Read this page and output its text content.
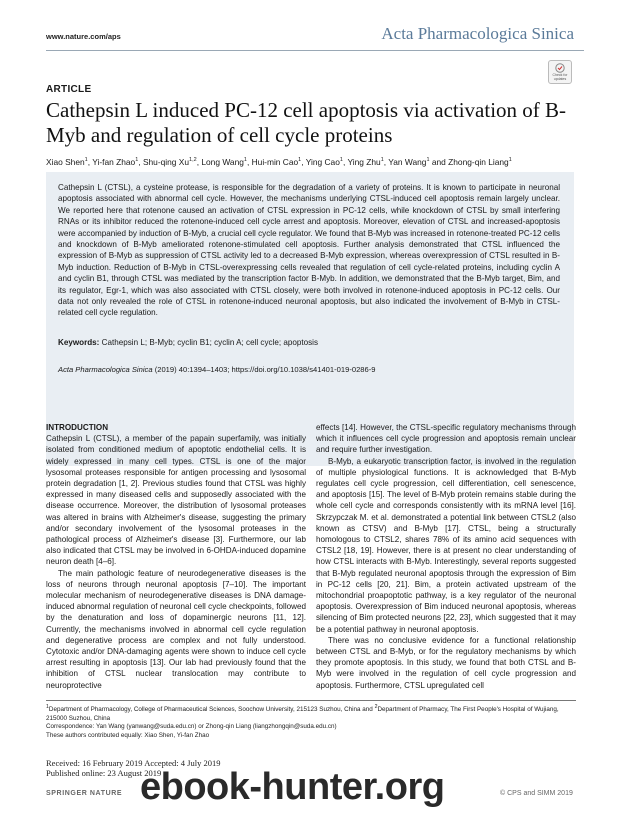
www.nature.com/aps	Acta Pharmacologica Sinica
Check for updates
ARTICLE
Cathepsin L induced PC-12 cell apoptosis via activation of B-Myb and regulation of cell cycle proteins
Xiao Shen$^1$, Yi-fan Zhao$^1$, Shu-qing Xu$^{1,2}$, Long Wang$^1$, Hui-min Cao$^1$, Ying Cao$^1$, Ying Zhu$^1$, Yan Wang$^1$ and Zhong-qin Liang$^1$
Cathepsin L (CTSL), a cysteine protease, is responsible for the degradation of a variety of proteins. It is known to participate in neuronal apoptosis associated with abnormal cell cycle. However, the mechanisms underlying CTSL-induced cell apoptosis remain largely unclear. We reported here that rotenone caused an activation of CTSL expression in PC-12 cells, while knockdown of CTSL by small interfering RNAs or its inhibitor reduced the rotenone-induced cell cycle arrest and apoptosis. Moreover, elevation of CTSL and increased-apoptosis were accompanied by induction of B-Myb, a crucial cell cycle regulator. We found that B-Myb was increased in rotenone-treated PC-12 cells and knockdown of B-Myb ameliorated rotenone-stimulated cell apoptosis. Further analysis demonstrated that CTSL influenced the expression of B-Myb as suppression of CTSL activity led to a decreased B-Myb expression, whereas overexpression of CTSL resulted in B-Myb induction. Reduction of B-Myb in CTSL-overexpressing cells revealed that regulation of cell cycle-related proteins, including cyclin A and cyclin B1, through CTSL was mediated by the transcription factor B-Myb. In addition, we demonstrated that the B-Myb target, Bim, and its regulator, Egr-1, which was also associated with CTSL closely, were both involved in rotenone-induced apoptosis in PC-12 cells. Our data not only revealed the role of CTSL in rotenone-induced neuronal apoptosis, but also indicated the involvement of B-Myb in CTSL-related cell cycle regulation.
Keywords: Cathepsin L; B-Myb; cyclin B1; cyclin A; cell cycle; apoptosis
Acta Pharmacologica Sinica (2019) 40:1394–1403; https://doi.org/10.1038/s41401-019-0286-9
INTRODUCTION
Cathepsin L (CTSL), a member of the papain superfamily, was initially isolated from conditioned medium of apoptotic endothelial cells. It is widely expressed in many cell types. CTSL is one of the major lysosomal proteases responsible for antigen processing and lysosomal protein degradation [1, 2]. Previous studies found that CTSL was highly expressed in many diseased cells and supposedly associated with the disease occurrence. Moreover, the distribution of lysosomal proteases was altered in brains with Alzheimer's disease, suggesting the primary and/or secondary involvement of the lysosomal proteases in the pathological process of Alzheimer's disease [3]. Furthermore, our lab also indicated that CTSL may be involved in 6-OHDA-induced dopamine neuron death [4–6].
The main pathologic feature of neurodegenerative diseases is the loss of neurons through neuronal apoptosis [7–10]. The important molecular mechanism of neurodegenerative diseases is DNA damage-induced abnormal regulation of neuronal cell cycle checkpoints, followed by the denaturation and loss of dopaminergic neurons [11, 12]. Currently, the mechanisms involved in abnormal cell cycle regulation and degenerative process are complex and not fully understood. Cytotoxic and/or DNA-damaging agents were shown to induce cell cycle arrest resulting in apoptosis [13]. Our lab had previously found that the inhibition of CTSL nuclear translocation may contribute to neuroprotective
effects [14]. However, the CTSL-specific regulatory mechanisms through which it influences cell cycle progression and apoptosis remain unclear and require further investigation.
B-Myb, a eukaryotic transcription factor, is involved in the regulation of multiple physiological functions. It is acknowledged that B-Myb regulates cell cycle progression, cell differentiation, cell senescence, and apoptosis [15]. The level of B-Myb protein remains stable during the whole cell cycle and corresponds consistently with its mRNA level [16]. Skrzypczak M. et al. demonstrated a potential link between CTSL2 (also known as CTSV) and B-Myb [17]. CTSL, being a structurally homologous to CTSL2, shares 78% of its amino acid sequences with CTSL2 [18, 19]. However, there is at present no clear understanding of how CTSL interacts with B-Myb. Interestingly, several reports suggested that B-Myb regulated neuronal apoptosis through the expression of Bim in PC-12 cells [20, 21]. Bim, a protein activated upstream of the mitochondrial proapoptotic pathway, is a key regulator of the neuronal apoptosis. Overexpression of Bim induced neuronal apoptosis, whereas silencing of Bim protected neurons [22, 23], which suggested that it may be a potential pathway in neuronal apoptosis.
There was no conclusive evidence for a functional relationship between CTSL and B-Myb, or for the regulatory mechanisms by which they promote apoptosis. In this study, we found that both CTSL and B-Myb were involved in the regulation of cell cycle progression and apoptosis. Furthermore, CTSL upregulated cell
$^1$Department of Pharmacology, College of Pharmaceutical Sciences, Soochow University, 215123 Suzhou, China and $^2$Department of Pharmacy, The First People's Hospital of Wujiang, 215000 Suzhou, China
Correspondence: Yan Wang (yanwang@suda.edu.cn) or Zhong-qin Liang (liangzhongqin@suda.edu.cn)
These authors contributed equally: Xiao Shen, Yi-fan Zhao
Received: 16 February 2019 Accepted: 4 July 2019
Published online: 23 August 2019
SPRINGER NATURE	© CPS and SIMM 2019
ebook-hunter.org
